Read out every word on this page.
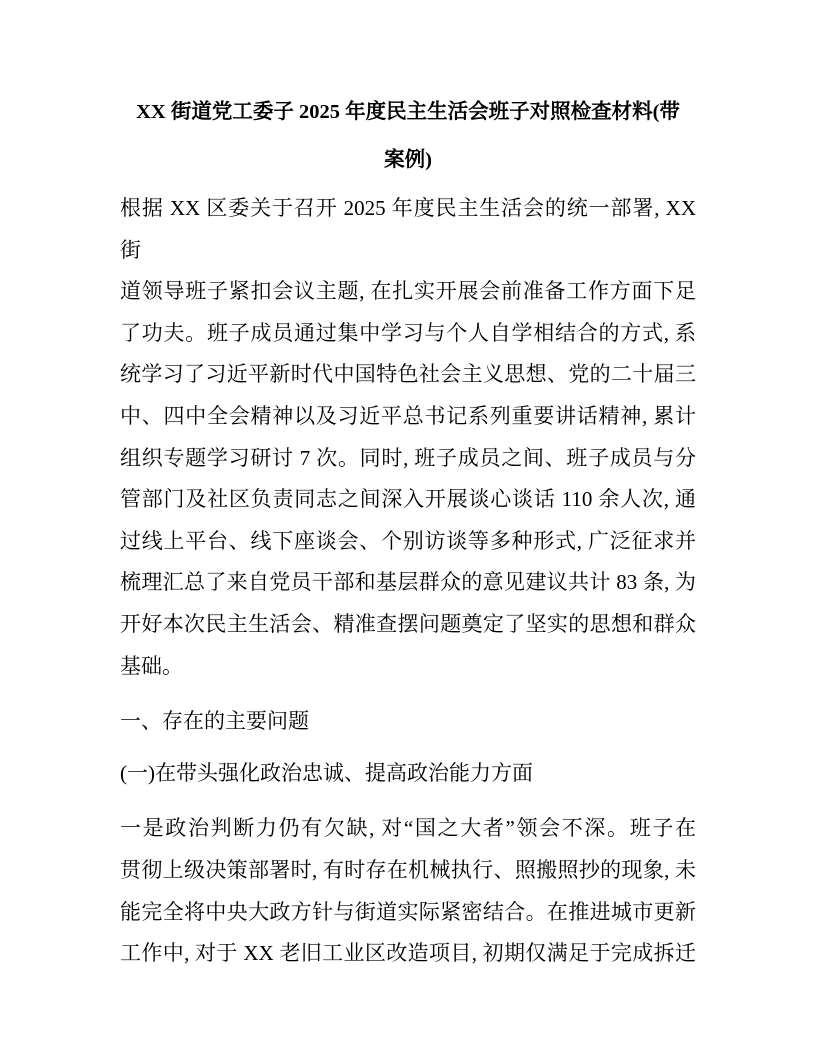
XX 街道党工委子 2025 年度民主生活会班子对照检查材料(带
案例)
根据 XX 区委关于召开 2025 年度民主生活会的统一部署, XX 街
道领导班子紧扣会议主题, 在扎实开展会前准备工作方面下足
了功夫。班子成员通过集中学习与个人自学相结合的方式, 系
统学习了习近平新时代中国特色社会主义思想、党的二十届三
中、四中全会精神以及习近平总书记系列重要讲话精神, 累计
组织专题学习研讨 7 次。同时, 班子成员之间、班子成员与分
管部门及社区负责同志之间深入开展谈心谈话 110 余人次, 通
过线上平台、线下座谈会、个别访谈等多种形式, 广泛征求并
梳理汇总了来自党员干部和基层群众的意见建议共计 83 条, 为
开好本次民主生活会、精准查摆问题奠定了坚实的思想和群众
基础。
一、存在的主要问题
(一)在带头强化政治忠诚、提高政治能力方面
一是政治判断力仍有欠缺, 对“国之大者”领会不深。班子在
贯彻上级决策部署时, 有时存在机械执行、照搬照抄的现象, 未
能完全将中央大政方针与街道实际紧密结合。在推进城市更新
工作中, 对于 XX 老旧工业区改造项目, 初期仅满足于完成拆迁
